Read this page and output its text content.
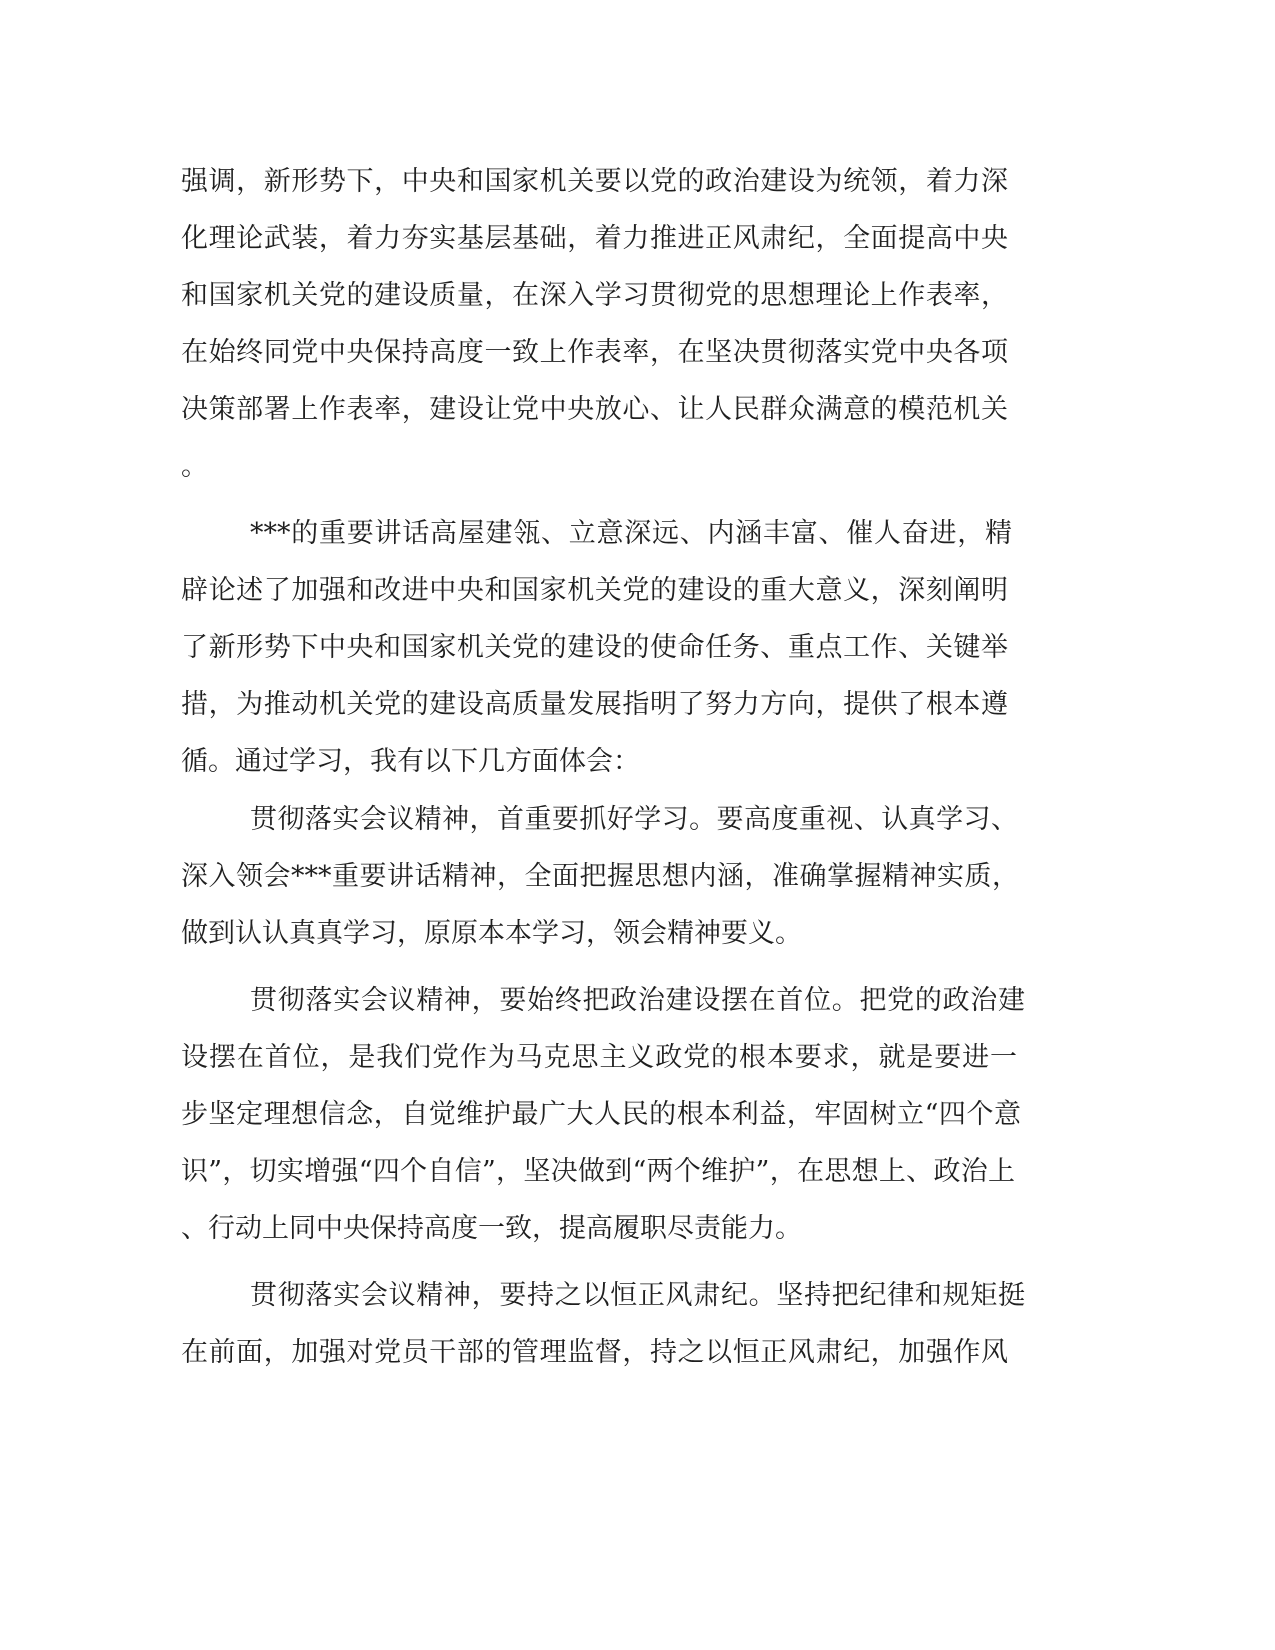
强调，新形势下，中央和国家机关要以党的政治建设为统领，着力深
化理论武装，着力夯实基层基础，着力推进正风肃纪，全面提高中央
和国家机关党的建设质量，在深入学习贯彻党的思想理论上作表率，
在始终同党中央保持高度一致上作表率，在坚决贯彻落实党中央各项
决策部署上作表率，建设让党中央放心、让人民群众满意的模范机关
。
***的重要讲话高屋建瓴、立意深远、内涵丰富、催人奋进，精
辟论述了加强和改进中央和国家机关党的建设的重大意义，深刻阐明
了新形势下中央和国家机关党的建设的使命任务、重点工作、关键举
措，为推动机关党的建设高质量发展指明了努力方向，提供了根本遵
循。通过学习，我有以下几方面体会：
贯彻落实会议精神，首重要抓好学习。要高度重视、认真学习、
深入领会***重要讲话精神，全面把握思想内涵，准确掌握精神实质，
做到认认真真学习，原原本本学习，领会精神要义。
贯彻落实会议精神，要始终把政治建设摆在首位。把党的政治建
设摆在首位，是我们党作为马克思主义政党的根本要求，就是要进一
步坚定理想信念，自觉维护最广大人民的根本利益，牢固树立“四个意
识”，切实增强“四个自信”，坚决做到“两个维护”，在思想上、政治上
、行动上同中央保持高度一致，提高履职尽责能力。
贯彻落实会议精神，要持之以恒正风肃纪。坚持把纪律和规矩挺
在前面，加强对党员干部的管理监督，持之以恒正风肃纪，加强作风
